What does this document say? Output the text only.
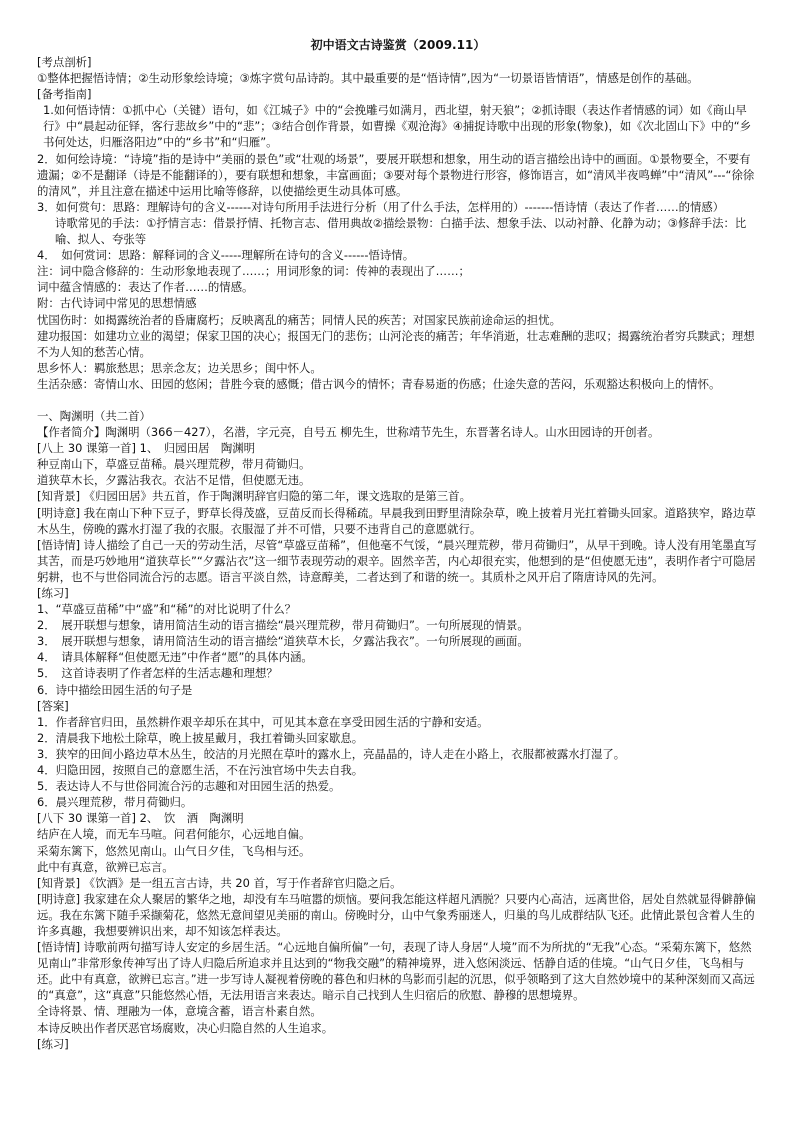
初中语文古诗鉴赏（2009.11）

[考点剖析]

①整体把握悟诗情；②生动形象绘诗境；③炼字赏句品诗韵。其中最重要的是“悟诗情”,因为“一切景语皆情语”，情感是创作的基础。

[备考指南]

1.如何悟诗情：①抓中心（关键）语句，如《江城子》中的“会挽雕弓如满月，西北望，射天狼”；②抓诗眼（表达作者情感的词）如《商山早行》中“晨起动征铎，客行悲故乡”中的“悲”；③结合创作背景，如曹操《观沧海》④捕捉诗歌中出现的形象(物象)，如《次北固山下》中的“乡书何处达，归雁洛阳边”中的“乡书”和“归雁”。

2．如何绘诗境：“诗境”指的是诗中“美丽的景色”或“壮观的场景”，要展开联想和想象，用生动的语言描绘出诗中的画面。①景物要全，不要有遗漏；②不是翻译（诗是不能翻译的），要有联想和想象，丰富画面；③要对每个景物进行形容，修饰语言，如“清风半夜鸣蝉”中“清风”---“徐徐的清风”，并且注意在描述中运用比喻等修辞，以使描绘更生动具体可感。

3．如何赏句：思路：理解诗句的含义------对诗句所用手法进行分析（用了什么手法，怎样用的）-------悟诗情（表达了作者……的情感）

诗歌常见的手法：①抒情言志：借景抒情、托物言志、借用典故②描绘景物：白描手法、想象手法、以动衬静、化静为动；③修辞手法：比喻、拟人、夸张等

4．　如何赏词：思路：解释词的含义-----理解所在诗句的含义------悟诗情。

注：词中隐含修辞的：生动形象地表现了……；用词形象的词：传神的表现出了……；

词中蕴含情感的：表达了作者……的情感。

附：古代诗词中常见的思想情感

忧国伤时：如揭露统治者的昏庸腐朽；反映离乱的痛苦；同情人民的疾苦；对国家民族前途命运的担忧。

建功报国：如建功立业的渴望；保家卫国的决心；报国无门的悲伤；山河沦丧的痛苦；年华消逝，壮志难酬的悲叹；揭露统治者穷兵黩武；理想不为人知的愁苦心情。

思乡怀人：羁旅愁思；思亲念友；边关思乡；闺中怀人。

生活杂感：寄情山水、田园的悠闲；昔胜今衰的感慨；借古讽今的情怀；青春易逝的伤感；仕途失意的苦闷，乐观豁达积极向上的情怀。

一、陶渊明（共二首）

【作者简介】陶渊明（366－427），名潜，字元亮，自号五 柳先生，世称靖节先生，东晋著名诗人。山水田园诗的开创者。

[八上 30 课第一首] 1、　归园田居　陶渊明

种豆南山下，草盛豆苗稀。晨兴理荒秽，带月荷锄归。

道狭草木长，夕露沾我衣。衣沾不足惜，但使愿无违。

[知背景] 《归园田居》共五首，作于陶渊明辞官归隐的第二年，课文选取的是第三首。

[明诗意] 我在南山下种下豆子，野草长得茂盛，豆苗反而长得稀疏。早晨我到田野里清除杂草，晚上披着月光扛着锄头回家。道路狭窄，路边草木丛生，傍晚的露水打湿了我的衣服。衣服湿了并不可惜，只要不违背自己的意愿就行。

[悟诗情] 诗人描绘了自己一天的劳动生活，尽管“草盛豆苗稀”，但他毫不气馁，“晨兴理荒秽，带月荷锄归”，从早干到晚。诗人没有用笔墨直写其苦，而是巧妙地用“道狭草长”“夕露沾衣”这一细节表现劳动的艰辛。固然辛苦，内心却很充实，他想到的是“但使愿无违”，表明作者宁可隐居躬耕，也不与世俗同流合污的志愿。语言平淡自然，诗意醇美，二者达到了和谐的统一。其质朴之风开启了隋唐诗风的先河。

[练习]

1、“草盛豆苗稀”中“盛”和“稀”的对比说明了什么？

2．　展开联想与想象，请用简洁生动的语言描绘“晨兴理荒秽，带月荷锄归”。一句所展现的情景。

3．　展开联想与想象，请用简洁生动的语言描绘“道狭草木长，夕露沾我衣”。一句所展现的画面。

4．　请具体解释“但使愿无违”中作者“愿”的具体内涵。

5．　这首诗表明了作者怎样的生活志趣和理想？

6．诗中描绘田园生活的句子是

[答案]

1．作者辞官归田，虽然耕作艰辛却乐在其中，可见其本意在享受田园生活的宁静和安适。

2．清晨我下地松土除草，晚上披星戴月，我扛着锄头回家歇息。

3．狭窄的田间小路边草木丛生，皎洁的月光照在草叶的露水上，亮晶晶的，诗人走在小路上，衣服都被露水打湿了。

4．归隐田园，按照自己的意愿生活，不在污浊官场中失去自我。

5．表达诗人不与世俗同流合污的志趣和对田园生活的热爱。

6．晨兴理荒秽，带月荷锄归。

[八下 30 课第一首] 2、　饮　酒　陶渊明

结庐在人境，而无车马喧。问君何能尔，心远地自偏。

采菊东篱下，悠然见南山。山气日夕佳，飞鸟相与还。

此中有真意，欲辨已忘言。

[知背景] 《饮酒》是一组五言古诗，共 20 首，写于作者辞官归隐之后。

[明诗意] 我家建在众人聚居的繁华之地，却没有车马喧嚣的烦恼。要问我怎能这样超凡洒脱？只要内心高洁，远离世俗，居处自然就显得僻静偏远。我在东篱下随手采撷菊花，悠然无意间望见美丽的南山。傍晚时分，山中气象秀丽迷人，归巢的鸟儿成群结队飞还。此情此景包含着人生的许多真趣，我想要辨识出来，却不知该怎样表达。

[悟诗情] 诗歌前两句描写诗人安定的乡居生活。“心远地自偏所偏”一句，表现了诗人身居“人境”而不为所扰的“无我”心态。“采菊东篱下，悠然见南山”非常形象传神写出了诗人归隐后所追求并且达到的“物我交融”的精神境界，进入悠闲淡远、恬静自适的佳境。“山气日夕佳，飞鸟相与还。此中有真意，欲辨已忘言。”进一步写诗人凝视着傍晚的暮色和归林的鸟影而引起的沉思，似乎领略到了这大自然妙境中的某种深刻而又高远的“真意”，这“真意”只能悠然心悟，无法用语言来表达。暗示自己找到人生归宿后的欣慰、静穆的思想境界。

全诗将景、情、理融为一体，意境含蓄，语言朴素自然。

本诗反映出作者厌恶官场腐败，决心归隐自然的人生追求。

[练习]
